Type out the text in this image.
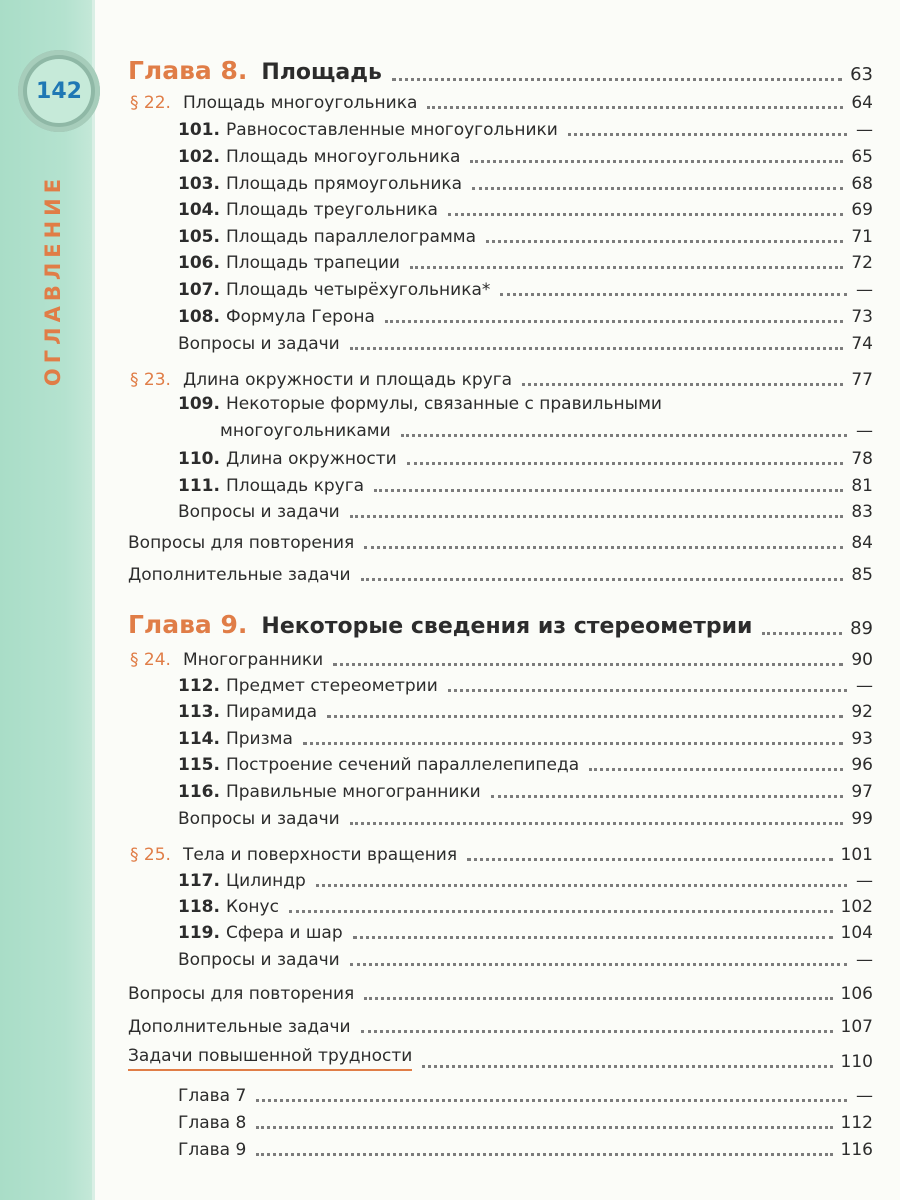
142
ОГЛАВЛЕНИЕ
Глава 8. Площадь	63
§ 22. Площадь многоугольника	64
101. Равносоставленные многоугольники	—
102. Площадь многоугольника	65
103. Площадь прямоугольника	68
104. Площадь треугольника	69
105. Площадь параллелограмма	71
106. Площадь трапеции	72
107. Площадь четырёхугольника*	—
108. Формула Герона	73
Вопросы и задачи	74
§ 23. Длина окружности и площадь круга	77
109. Некоторые формулы, связанные с правильными
многоугольниками	—
110. Длина окружности	78
111. Площадь круга	81
Вопросы и задачи	83
Вопросы для повторения	84
Дополнительные задачи	85
Глава 9. Некоторые сведения из стереометрии	89
§ 24. Многогранники	90
112. Предмет стереометрии	—
113. Пирамида	92
114. Призма	93
115. Построение сечений параллелепипеда	96
116. Правильные многогранники	97
Вопросы и задачи	99
§ 25. Тела и поверхности вращения	101
117. Цилиндр	—
118. Конус	102
119. Сфера и шар	104
Вопросы и задачи	—
Вопросы для повторения	106
Дополнительные задачи	107
Задачи повышенной трудности	110
Глава 7	—
Глава 8	112
Глава 9	116
